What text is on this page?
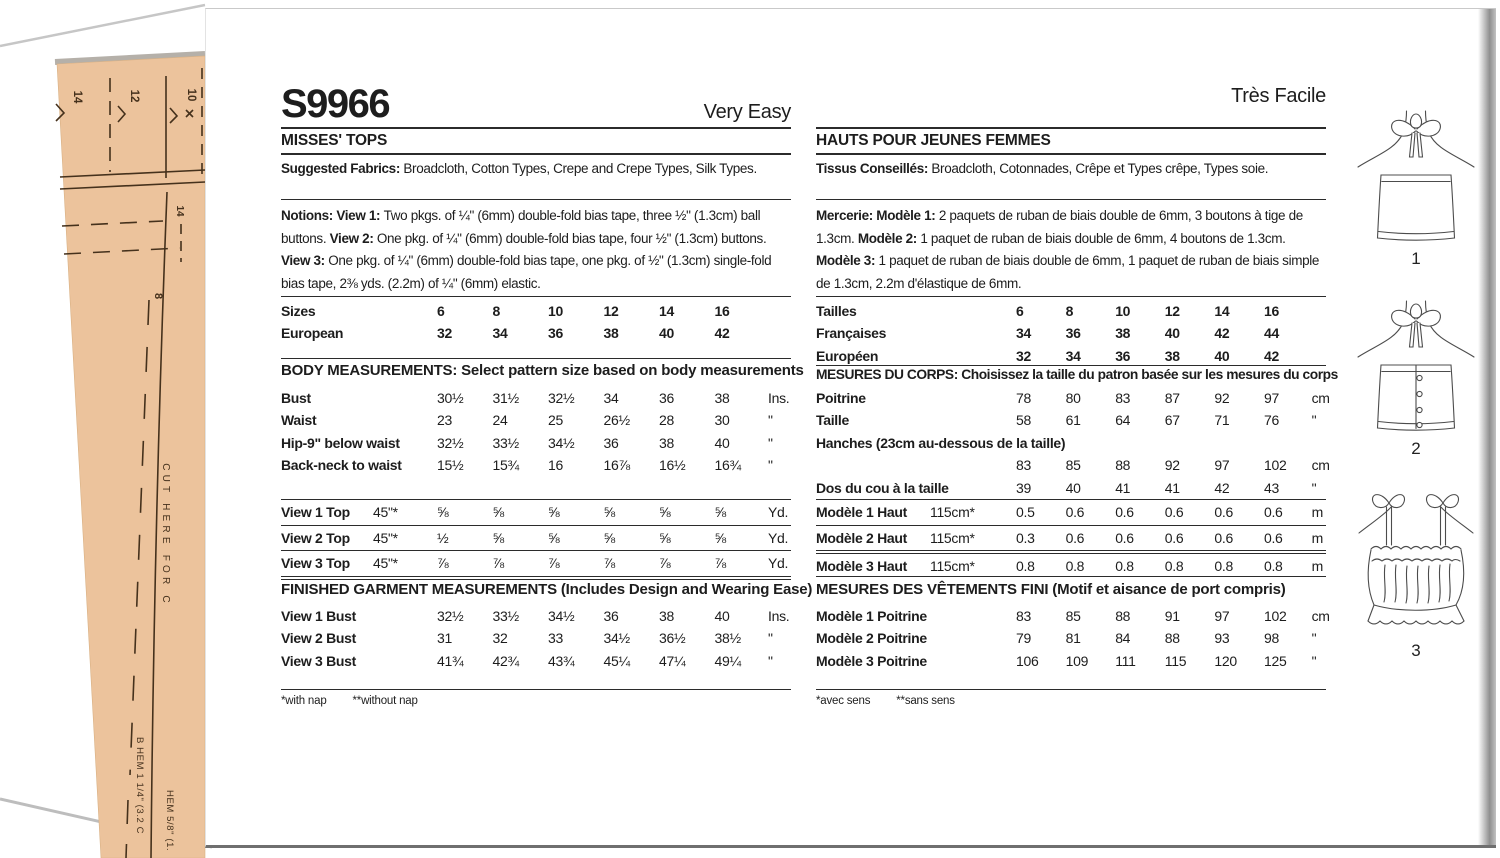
14	12	10
14
8
CUT HERE FOR C
B HEM 1 1/4" (3.2 C HEM 5/8" (1.
S9966	Very Easy
MISSES' TOPS
Suggested Fabrics: Broadcloth, Cotton Types, Crepe and Crepe Types, Silk Types.
Notions: View 1: Two pkgs. of ¼" (6mm) double-fold bias tape, three ½" (1.3cm) ball buttons. View 2: One pkg. of ¼" (6mm) double-fold bias tape, four ½" (1.3cm) buttons. View 3: One pkg. of ¼" (6mm) double-fold bias tape, one pkg. of ½" (1.3cm) single-fold bias tape, 2⅜ yds. (2.2m) of ¼" (6mm) elastic.
Sizes	6	8	10	12	14	16
European	32	34	36	38	40	42
BODY MEASUREMENTS: Select pattern size based on body measurements
Bust	30½	31½	32½	34	36	38	Ins.
Waist	23	24	25	26½	28	30	"
Hip-9" below waist	32½	33½	34½	36	38	40	"
Back-neck to waist	15½	15¾	16	16⅞	16½	16¾	"
View 1 Top 45"*	⅝	⅝	⅝	⅝	⅝	⅝	Yd.
View 2 Top 45"*	½	⅝	⅝	⅝	⅝	⅝	Yd.
View 3 Top 45"*	⅞	⅞	⅞	⅞	⅞	⅞	Yd.
FINISHED GARMENT MEASUREMENTS (Includes Design and Wearing Ease)
View 1 Bust	32½	33½	34½	36	38	40	Ins.
View 2 Bust	31	32	33	34½	36½	38½	"
View 3 Bust	41¾	42¾	43¾	45¼	47¼	49¼	"
*with nap **without nap
Très Facile
HAUTS POUR JEUNES FEMMES
Tissus Conseillés: Broadcloth, Cotonnades, Crêpe et Types crêpe, Types soie.
Mercerie: Modèle 1: 2 paquets de ruban de biais double de 6mm, 3 boutons à tige de 1.3cm. Modèle 2: 1 paquet de ruban de biais double de 6mm, 4 boutons de 1.3cm. Modèle 3: 1 paquet de ruban de biais double de 6mm, 1 paquet de ruban de biais simple de 1.3cm, 2.2m d'élastique de 6mm.
Tailles	6	8	10	12	14	16
Françaises	34	36	38	40	42	44
Européen	32	34	36	38	40	42
MESURES DU CORPS: Choisissez la taille du patron basée sur les mesures du corps
Poitrine	78	80	83	87	92	97	cm
Taille	58	61	64	67	71	76	"
Hanches (23cm au-dessous de la taille)
83	85	88	92	97	102	cm
Dos du cou à la taille	39	40	41	41	42	43	"
Modèle 1 Haut 115cm*	0.5	0.6	0.6	0.6	0.6	0.6	m
Modèle 2 Haut 115cm*	0.3	0.6	0.6	0.6	0.6	0.6	m
Modèle 3 Haut 115cm*	0.8	0.8	0.8	0.8	0.8	0.8	m
MESURES DES VÊTEMENTS FINI (Motif et aisance de port compris)
Modèle 1 Poitrine	83	85	88	91	97	102	cm
Modèle 2 Poitrine	79	81	84	88	93	98	"
Modèle 3 Poitrine	106	109	111	115	120	125	"
*avec sens **sans sens
1
2
3
